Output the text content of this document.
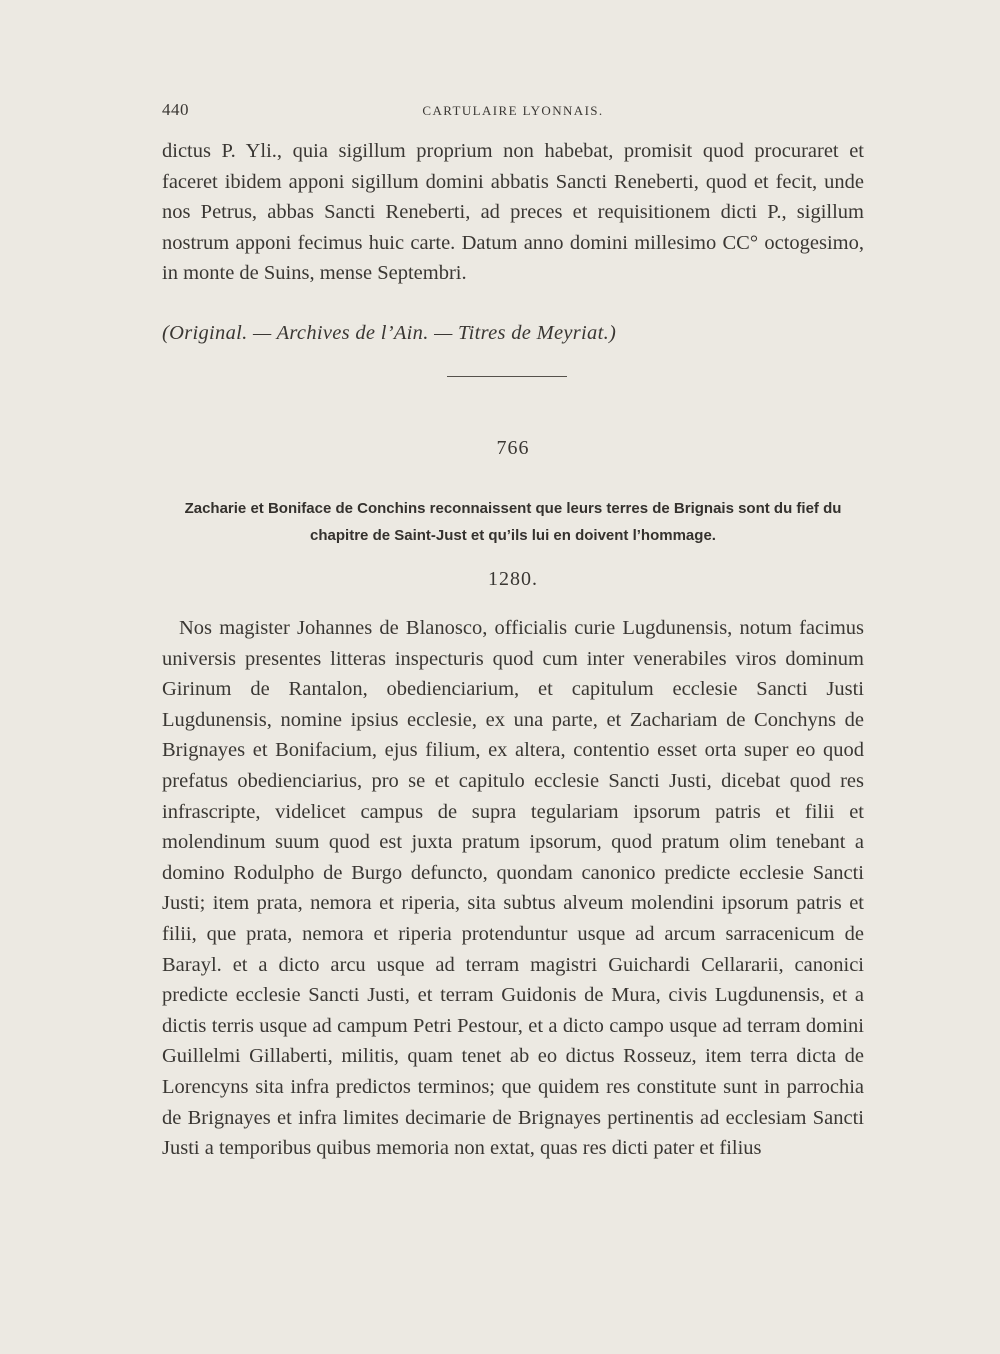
440	CARTULAIRE LYONNAIS.

dictus P. Yli., quia sigillum proprium non habebat, promisit quod procuraret et faceret ibidem apponi sigillum domini abbatis Sancti Reneberti, quod et fecit, unde nos Petrus, abbas Sancti Reneberti, ad preces et requisitionem dicti P., sigillum nostrum apponi fecimus huic carte. Datum anno domini millesimo CC° octogesimo, in monte de Suins, mense Septembri.

(Original. — Archives de l’Ain. — Titres de Meyriat.)
766
Zacharie et Boniface de Conchins reconnaissent que leurs terres de Brignais sont du fief du chapitre de Saint-Just et qu’ils lui en doivent l’hommage.
1280.

Nos magister Johannes de Blanosco, officialis curie Lugdunensis, notum facimus universis presentes litteras inspecturis quod cum inter venerabiles viros dominum Girinum de Rantalon, obedienciarium, et capitulum ecclesie Sancti Justi Lugdunensis, nomine ipsius ecclesie, ex una parte, et Zachariam de Conchyns de Brignayes et Bonifacium, ejus filium, ex altera, contentio esset orta super eo quod prefatus obedienciarius, pro se et capitulo ecclesie Sancti Justi, dicebat quod res infrascripte, videlicet campus de supra tegulariam ipsorum patris et filii et molendinum suum quod est juxta pratum ipsorum, quod pratum olim tenebant a domino Rodulpho de Burgo defuncto, quondam canonico predicte ecclesie Sancti Justi; item prata, nemora et riperia, sita subtus alveum molendini ipsorum patris et filii, que prata, nemora et riperia protenduntur usque ad arcum sarracenicum de Barayl. et a dicto arcu usque ad terram magistri Guichardi Cellararii, canonici predicte ecclesie Sancti Justi, et terram Guidonis de Mura, civis Lugdunensis, et a dictis terris usque ad campum Petri Pestour, et a dicto campo usque ad terram domini Guillelmi Gillaberti, militis, quam tenet ab eo dictus Rosseuz, item terra dicta de Lorencyns sita infra predictos terminos; que quidem res constitute sunt in parrochia de Brignayes et infra limites decimarie de Brignayes pertinentis ad ecclesiam Sancti Justi a temporibus quibus memoria non extat, quas res dicti pater et filius
